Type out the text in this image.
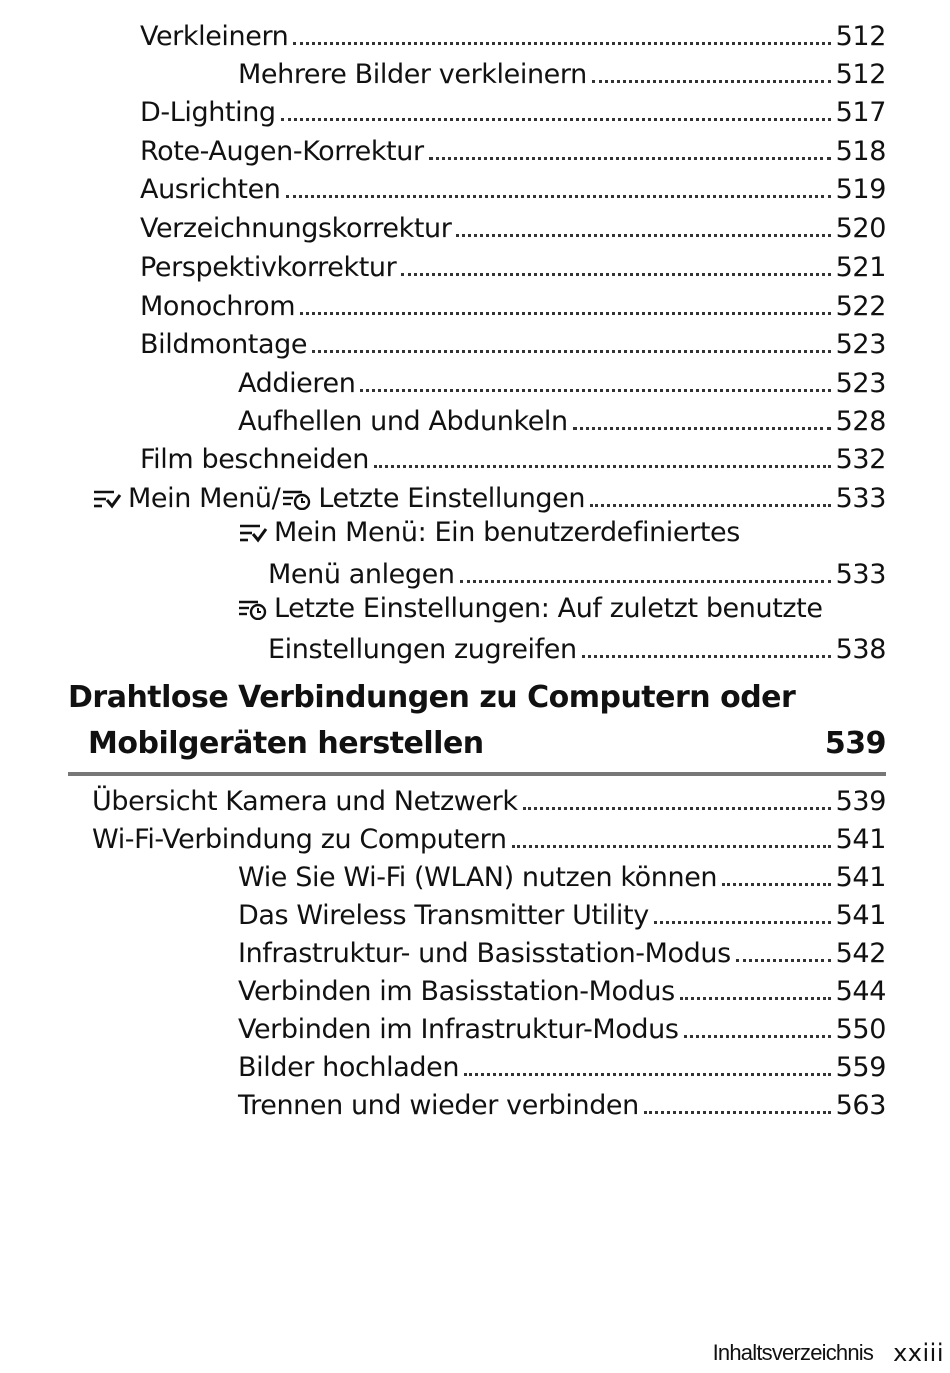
Verkleinern	512
Mehrere Bilder verkleinern	512
D-Lighting	517
Rote-Augen-Korrektur	518
Ausrichten	519
Verzeichnungskorrektur	520
Perspektivkorrektur	521
Monochrom	522
Bildmontage	523
Addieren	523
Aufhellen und Abdunkeln	528
Film beschneiden	532
Mein Menü/ Letzte Einstellungen	533
Mein Menü: Ein benutzerdefiniertes
Menü anlegen	533
Letzte Einstellungen: Auf zuletzt benutzte
Einstellungen zugreifen	538
Drahtlose Verbindungen zu Computern oder
Mobilgeräten herstellen	539
Übersicht Kamera und Netzwerk	539
Wi-Fi-Verbindung zu Computern	541
Wie Sie Wi-Fi (WLAN) nutzen können	541
Das Wireless Transmitter Utility	541
Infrastruktur- und Basisstation-Modus	542
Verbinden im Basisstation-Modus	544
Verbinden im Infrastruktur-Modus	550
Bilder hochladen	559
Trennen und wieder verbinden	563
Inhaltsverzeichnis xxiii
